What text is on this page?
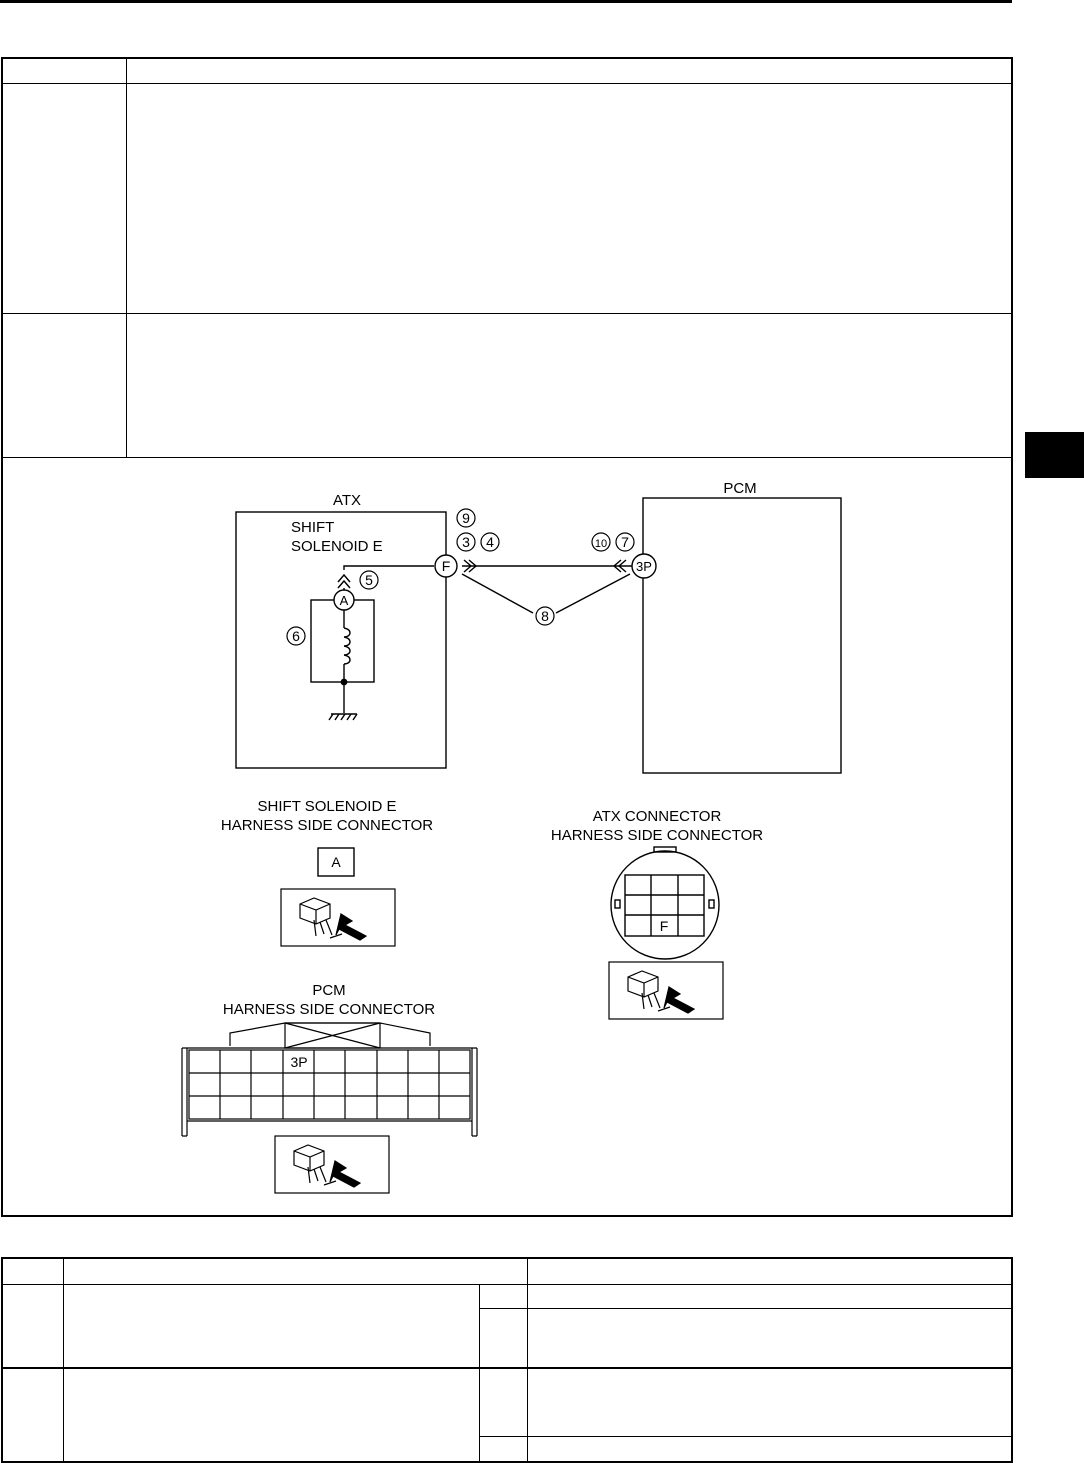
ATX
PCM
SHIFT
SOLENOID E
F	3P
A
9
3 4	10 7
5
6
8
SHIFT SOLENOID E
HARNESS SIDE CONNECTOR
A
ATX CONNECTOR
HARNESS SIDE CONNECTOR
F
PCM
HARNESS SIDE CONNECTOR
3P
